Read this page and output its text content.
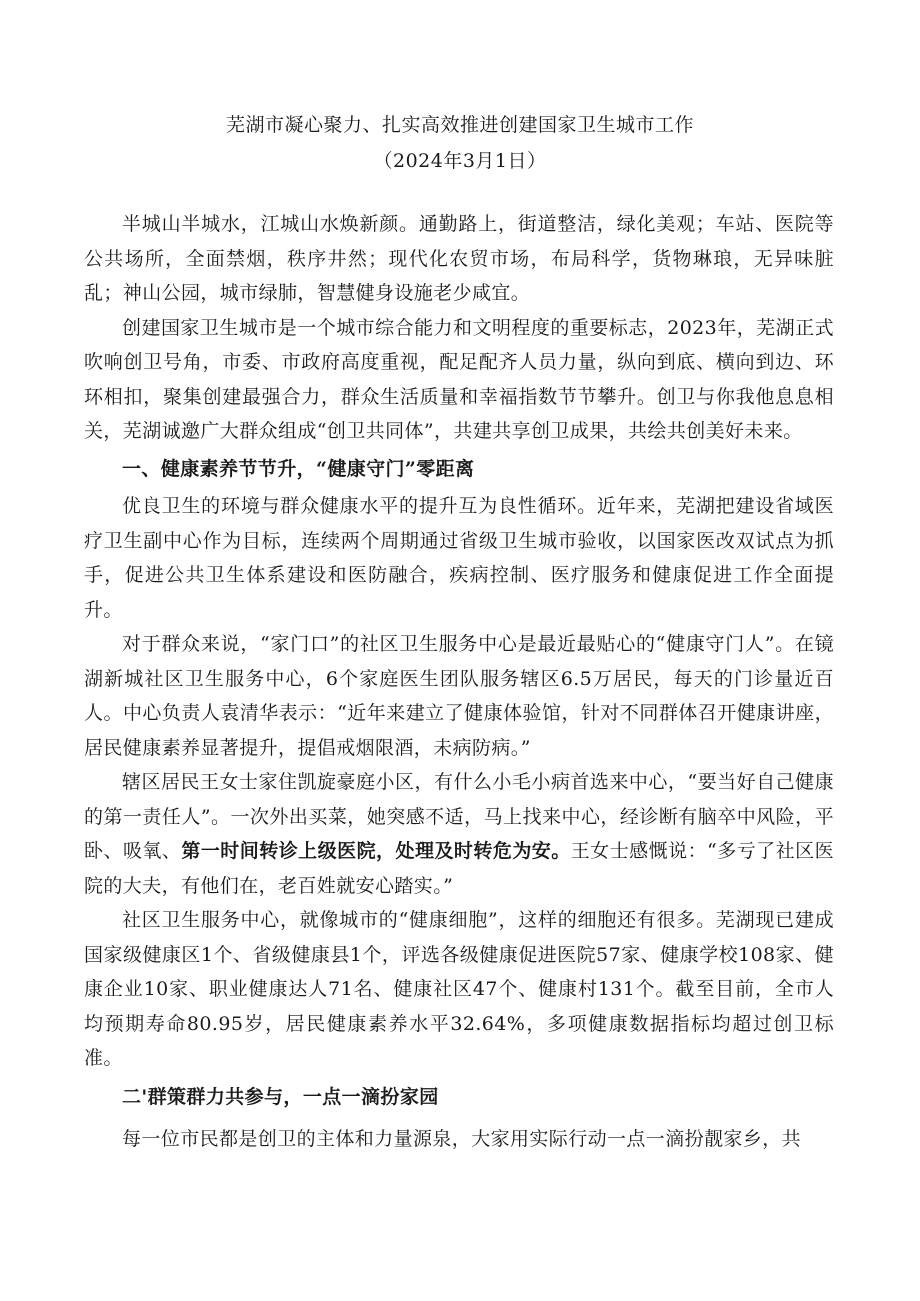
芜湖市凝心聚力、扎实高效推进创建国家卫生城市工作
（2024年3月1日）

半城山半城水，江城山水焕新颜。通勤路上，街道整洁，绿化美观；车站、医院等公共场所，全面禁烟，秩序井然；现代化农贸市场，布局科学，货物琳琅，无异味脏乱；神山公园，城市绿肺，智慧健身设施老少咸宜。

创建国家卫生城市是一个城市综合能力和文明程度的重要标志，2023年，芜湖正式吹响创卫号角，市委、市政府高度重视，配足配齐人员力量，纵向到底、横向到边、环环相扣，聚集创建最强合力，群众生活质量和幸福指数节节攀升。创卫与你我他息息相关，芜湖诚邀广大群众组成“创卫共同体”，共建共享创卫成果，共绘共创美好未来。

一、健康素养节节升，“健康守门”零距离

优良卫生的环境与群众健康水平的提升互为良性循环。近年来，芜湖把建设省域医疗卫生副中心作为目标，连续两个周期通过省级卫生城市验收，以国家医改双试点为抓手，促进公共卫生体系建设和医防融合，疾病控制、医疗服务和健康促进工作全面提升。

对于群众来说，“家门口”的社区卫生服务中心是最近最贴心的“健康守门人”。在镜湖新城社区卫生服务中心，6个家庭医生团队服务辖区6.5万居民，每天的门诊量近百人。中心负责人袁清华表示：“近年来建立了健康体验馆，针对不同群体召开健康讲座，居民健康素养显著提升，提倡戒烟限酒，未病防病。”

辖区居民王女士家住凯旋豪庭小区，有什么小毛小病首选来中心，“要当好自己健康的第一责任人”。一次外出买菜，她突感不适，马上找来中心，经诊断有脑卒中风险，平卧、吸氧、第一时间转诊上级医院，处理及时转危为安。王女士感慨说：“多亏了社区医院的大夫，有他们在，老百姓就安心踏实。”

社区卫生服务中心，就像城市的“健康细胞”，这样的细胞还有很多。芜湖现已建成国家级健康区1个、省级健康县1个，评选各级健康促进医院57家、健康学校108家、健康企业10家、职业健康达人71名、健康社区47个、健康村131个。截至目前，全市人均预期寿命80.95岁，居民健康素养水平32.64%，多项健康数据指标均超过创卫标准。

二'群策群力共参与，一点一滴扮家园

每一位市民都是创卫的主体和力量源泉，大家用实际行动一点一滴扮靓家乡，共
